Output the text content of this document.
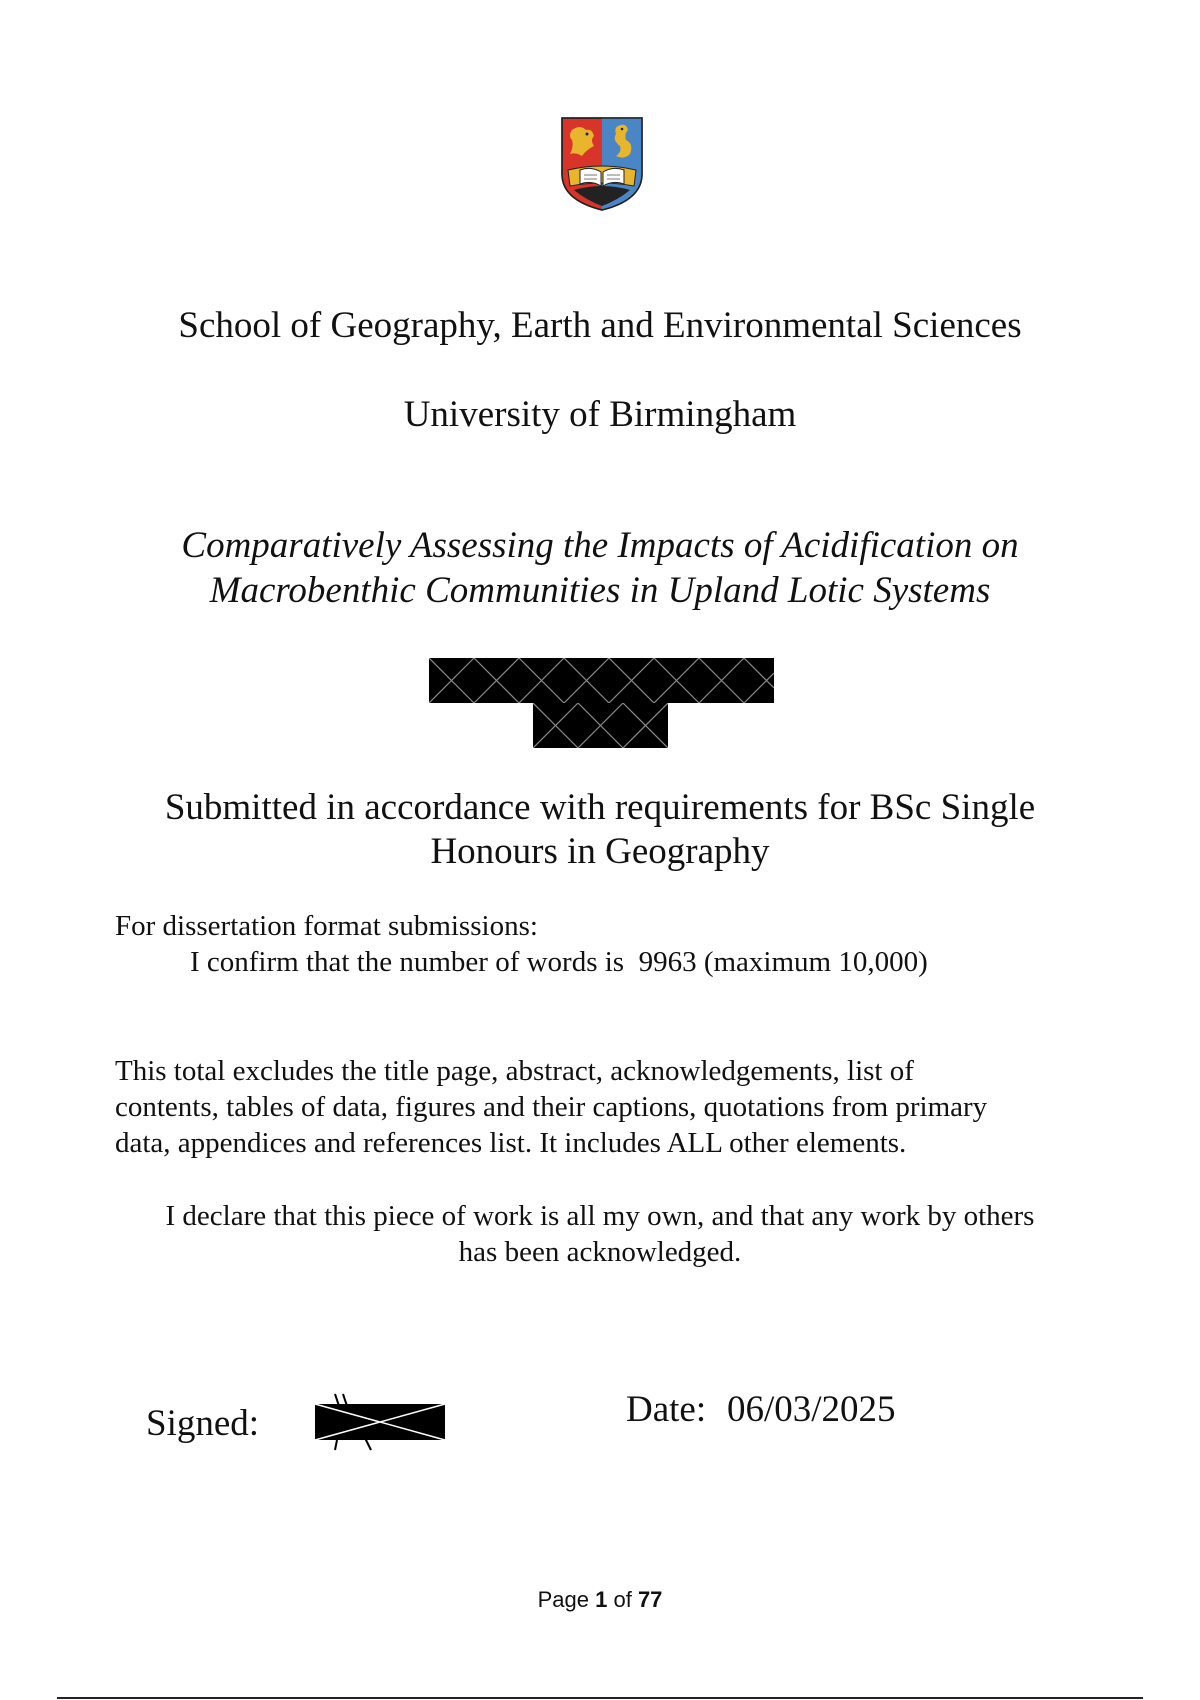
School of Geography, Earth and Environmental Sciences
University of Birmingham
Comparatively Assessing the Impacts of Acidification on
Macrobenthic Communities in Upland Lotic Systems
Submitted in accordance with requirements for BSc Single
Honours in Geography
For dissertation format submissions:
I confirm that the number of words is 9963 (maximum 10,000)
This total excludes the title page, abstract, acknowledgements, list of
contents, tables of data, figures and their captions, quotations from primary
data, appendices and references list. It includes ALL other elements.
I declare that this piece of work is all my own, and that any work by others
has been acknowledged.
Signed:	Date: 06/03/2025
Page 1 of 77
